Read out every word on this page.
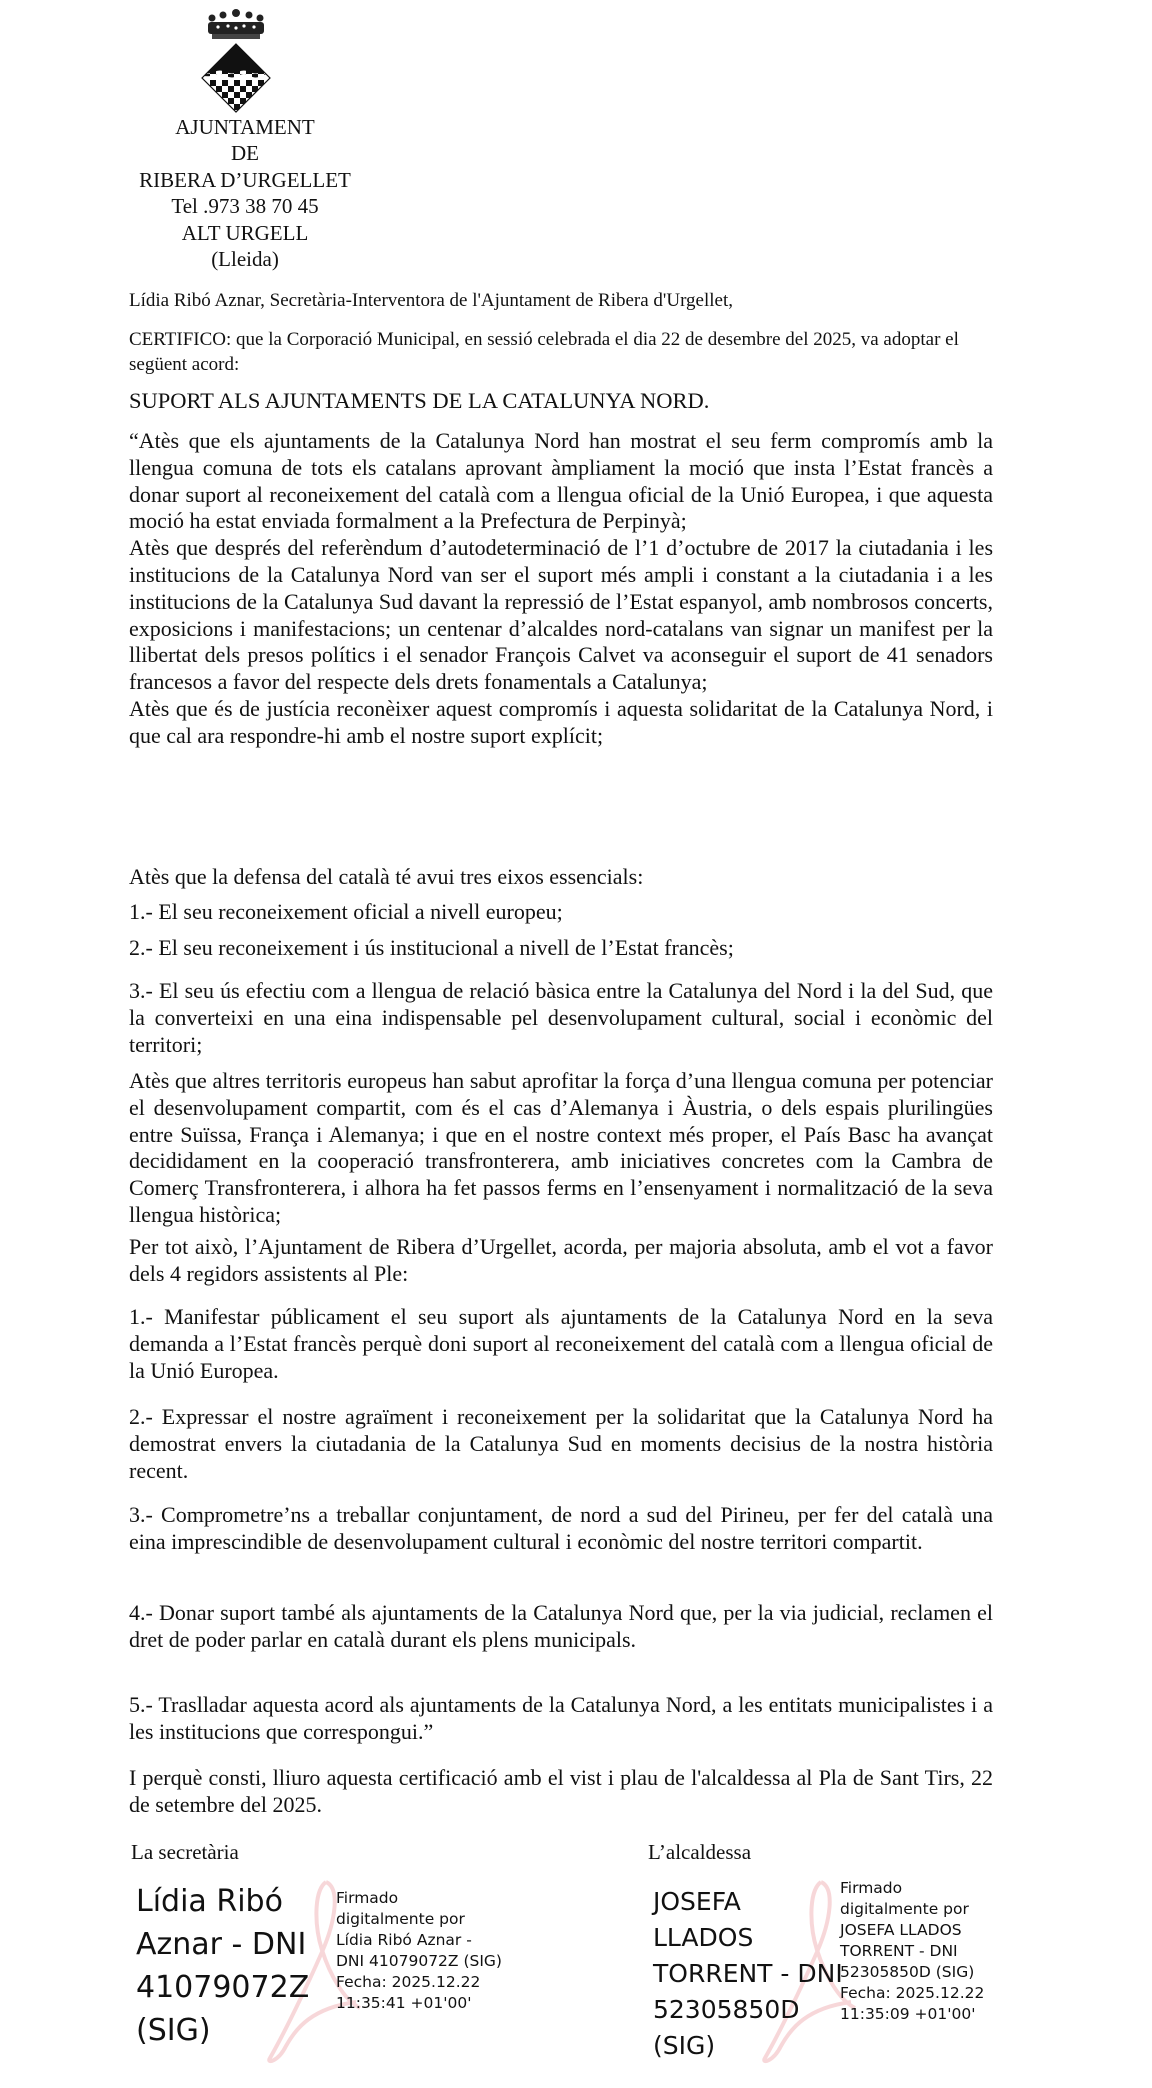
AJUNTAMENT
DE
RIBERA D’URGELLET
Tel .973 38 70 45
ALT URGELL
(Lleida)

Lídia Ribó Aznar, Secretària-Interventora de l'Ajuntament de Ribera d'Urgellet,

CERTIFICO: que la Corporació Municipal, en sessió celebrada el dia 22 de desembre del 2025, va adoptar el següent acord:

SUPORT ALS AJUNTAMENTS DE LA CATALUNYA NORD.

“Atès que els ajuntaments de la Catalunya Nord han mostrat el seu ferm compromís amb la llengua comuna de tots els catalans aprovant àmpliament la moció que insta l’Estat francès a donar suport al reconeixement del català com a llengua oficial de la Unió Europea, i que aquesta moció ha estat enviada formalment a la Prefectura de Perpinyà;

Atès que després del referèndum d’autodeterminació de l’1 d’octubre de 2017 la ciutadania i les institucions de la Catalunya Nord van ser el suport més ampli i constant a la ciutadania i a les institucions de la Catalunya Sud davant la repressió de l’Estat espanyol, amb nombrosos concerts, exposicions i manifestacions; un centenar d’alcaldes nord-catalans van signar un manifest per la llibertat dels presos polítics i el senador François Calvet va aconseguir el suport de 41 senadors francesos a favor del respecte dels drets fonamentals a Catalunya;

Atès que és de justícia reconèixer aquest compromís i aquesta solidaritat de la Catalunya Nord, i que cal ara respondre-hi amb el nostre suport explícit;

Atès que la defensa del català té avui tres eixos essencials:
1.- El seu reconeixement oficial a nivell europeu;
2.- El seu reconeixement i ús institucional a nivell de l’Estat francès;
3.- El seu ús efectiu com a llengua de relació bàsica entre la Catalunya del Nord i la del Sud, que la converteixi en una eina indispensable pel desenvolupament cultural, social i econòmic del territori;
Atès que altres territoris europeus han sabut aprofitar la força d’una llengua comuna per potenciar el desenvolupament compartit, com és el cas d’Alemanya i Àustria, o dels espais plurilingües entre Suïssa, França i Alemanya; i que en el nostre context més proper, el País Basc ha avançat decididament en la cooperació transfronterera, amb iniciatives concretes com la Cambra de Comerç Transfronterera, i alhora ha fet passos ferms en l’ensenyament i normalització de la seva llengua històrica;
Per tot això, l’Ajuntament de Ribera d’Urgellet, acorda, per majoria absoluta, amb el vot a favor dels 4 regidors assistents al Ple:
1.- Manifestar públicament el seu suport als ajuntaments de la Catalunya Nord en la seva demanda a l’Estat francès perquè doni suport al reconeixement del català com a llengua oficial de la Unió Europea.
2.- Expressar el nostre agraïment i reconeixement per la solidaritat que la Catalunya Nord ha demostrat envers la ciutadania de la Catalunya Sud en moments decisius de la nostra història recent.
3.- Comprometre’ns a treballar conjuntament, de nord a sud del Pirineu, per fer del català una eina imprescindible de desenvolupament cultural i econòmic del nostre territori compartit.
4.- Donar suport també als ajuntaments de la Catalunya Nord que, per la via judicial, reclamen el dret de poder parlar en català durant els plens municipals.
5.- Traslladar aquesta acord als ajuntaments de la Catalunya Nord, a les entitats municipalistes i a les institucions que correspongui.”
I perquè consti, lliuro aquesta certificació amb el vist i plau de l'alcaldessa al Pla de Sant Tirs, 22 de setembre del 2025.
La secretària	L’alcaldessa
Lídia Ribó
Aznar - DNI
41079072Z
(SIG)
Firmado
digitalmente por
Lídia Ribó Aznar -
DNI 41079072Z (SIG)
Fecha: 2025.12.22
11:35:41 +01'00'
JOSEFA
LLADOS
TORRENT - DNI
52305850D
(SIG)
Firmado
digitalmente por
JOSEFA LLADOS
TORRENT - DNI
52305850D (SIG)
Fecha: 2025.12.22
11:35:09 +01'00'
